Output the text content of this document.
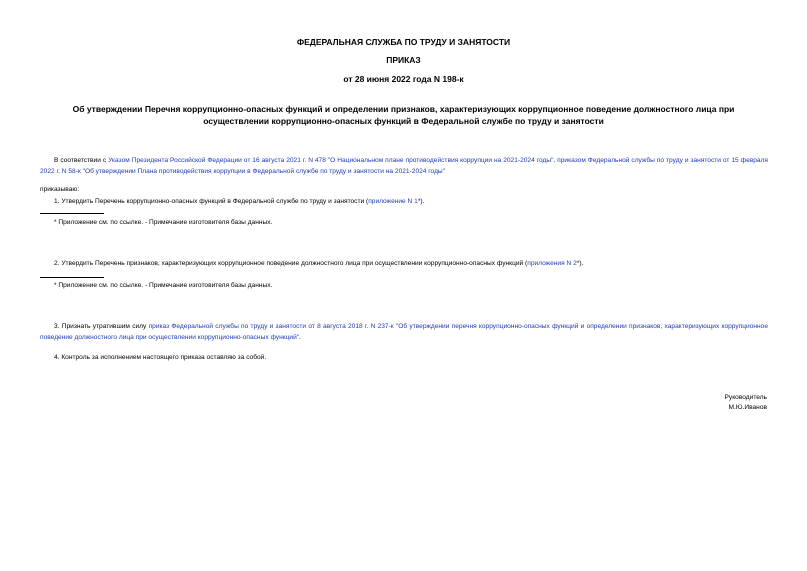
ФЕДЕРАЛЬНАЯ СЛУЖБА ПО ТРУДУ И ЗАНЯТОСТИ
ПРИКАЗ
от 28 июня 2022 года N 198-к
Об утверждении Перечня коррупционно-опасных функций и определении признаков, характеризующих коррупционное поведение должностного лица при осуществлении коррупционно-опасных функций в Федеральной службе по труду и занятости
В соответствии с Указом Президента Российской Федерации от 16 августа 2021 г. N 478 "О Национальном плане противодействия коррупции на 2021-2024 годы", приказом Федеральной службы по труду и занятости от 15 февраля 2022 г. N 58-к "Об утверждении Плана противодействия коррупции в Федеральной службе по труду и занятости на 2021-2024 годы"
приказываю:
1. Утвердить Перечень коррупционно-опасных функций в Федеральной службе по труду и занятости (приложение N 1*).
* Приложение см. по ссылке. - Примечание изготовителя базы данных.
2. Утвердить Перечень признаков, характеризующих коррупционное поведение должностного лица при осуществлении коррупционно-опасных функций (приложения N 2*).
* Приложение см. по ссылке. - Примечание изготовителя базы данных.
3. Признать утратившим силу приказ Федеральной службы по труду и занятости от 8 августа 2018 г. N 237-к "Об утверждении перечня коррупционно-опасных функций и определении признаков, характеризующих коррупционное поведение должностного лица при осуществлении коррупционно-опасных функций".
4. Контроль за исполнением настоящего приказа оставляю за собой.
Руководитель
М.Ю.Иванов
